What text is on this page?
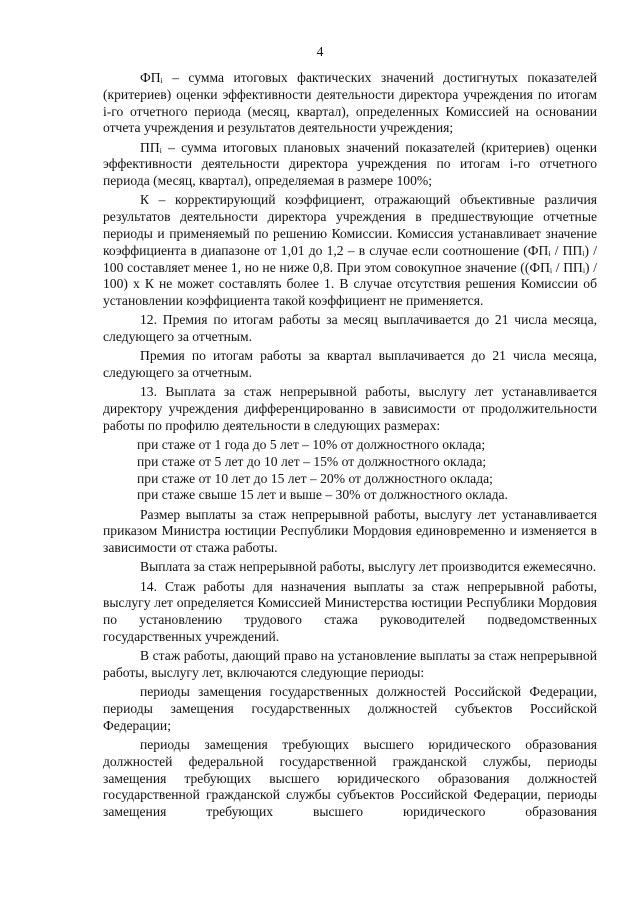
4

ФПᵢ – сумма итоговых фактических значений достигнутых показателей (критериев) оценки эффективности деятельности директора учреждения по итогам i-го отчетного периода (месяц, квартал), определенных Комиссией на основании отчета учреждения и результатов деятельности учреждения;

ППᵢ – сумма итоговых плановых значений показателей (критериев) оценки эффективности деятельности директора учреждения по итогам i-го отчетного периода (месяц, квартал), определяемая в размере 100%;

К – корректирующий коэффициент, отражающий объективные различия результатов деятельности директора учреждения в предшествующие отчетные периоды и применяемый по решению Комиссии. Комиссия устанавливает значение коэффициента в диапазоне от 1,01 до 1,2 – в случае если соотношение (ФПᵢ / ППᵢ) / 100 составляет менее 1, но не ниже 0,8. При этом совокупное значение ((ФПᵢ / ППᵢ) / 100) х К не может составлять более 1. В случае отсутствия решения Комиссии об установлении коэффициента такой коэффициент не применяется.

12. Премия по итогам работы за месяц выплачивается до 21 числа месяца, следующего за отчетным.

Премия по итогам работы за квартал выплачивается до 21 числа месяца, следующего за отчетным.

13. Выплата за стаж непрерывной работы, выслугу лет устанавливается директору учреждения дифференцированно в зависимости от продолжительности работы по профилю деятельности в следующих размерах:

при стаже от 1 года до 5 лет – 10% от должностного оклада;

при стаже от 5 лет до 10 лет – 15% от должностного оклада;

при стаже от 10 лет до 15 лет – 20% от должностного оклада;

при стаже свыше 15 лет и выше – 30% от должностного оклада.

Размер выплаты за стаж непрерывной работы, выслугу лет устанавливается приказом Министра юстиции Республики Мордовия единовременно и изменяется в зависимости от стажа работы.

Выплата за стаж непрерывной работы, выслугу лет производится ежемесячно.

14. Стаж работы для назначения выплаты за стаж непрерывной работы, выслугу лет определяется Комиссией Министерства юстиции Республики Мордовия по установлению трудового стажа руководителей подведомственных государственных учреждений.

В стаж работы, дающий право на установление выплаты за стаж непрерывной работы, выслугу лет, включаются следующие периоды:

периоды замещения государственных должностей Российской Федерации, периоды замещения государственных должностей субъектов Российской Федерации;

периоды замещения требующих высшего юридического образования должностей федеральной государственной гражданской службы, периоды замещения требующих высшего юридического образования должностей государственной гражданской службы субъектов Российской Федерации, периоды замещения требующих высшего юридического образования
